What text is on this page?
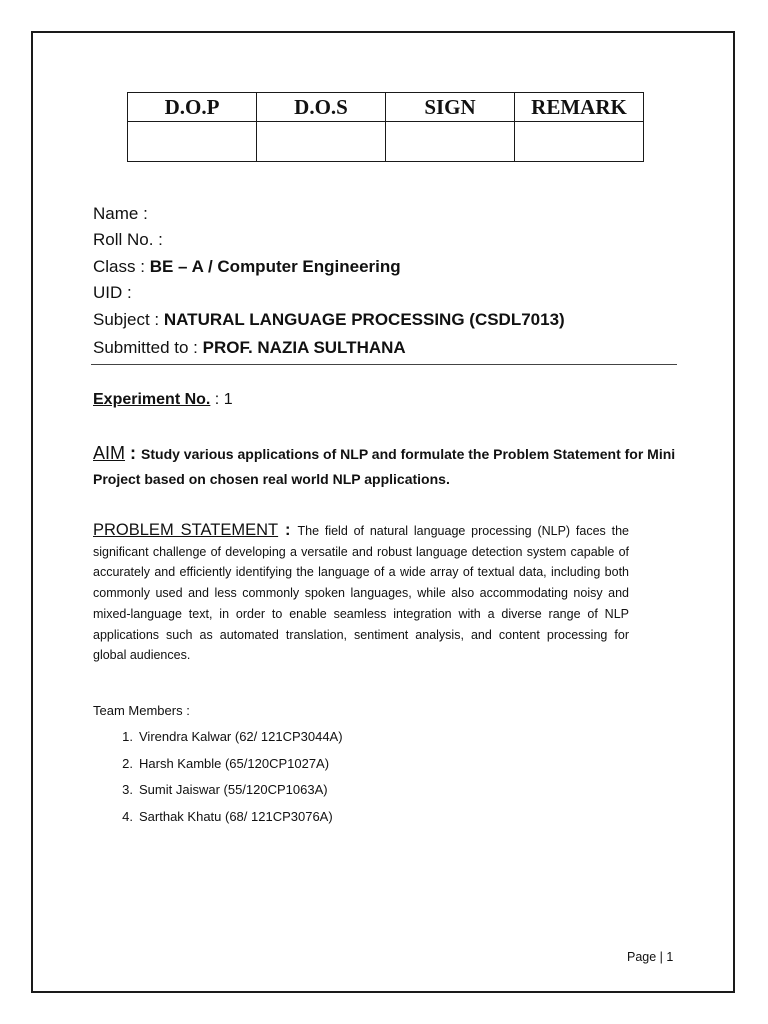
D.O.P	D.O.S	SIGN	REMARK

Name :
Roll No. :
Class : BE – A / Computer Engineering
UID :
Subject : NATURAL LANGUAGE PROCESSING (CSDL7013)
Submitted to : PROF. NAZIA SULTHANA
Experiment No. : 1
AIM : Study various applications of NLP and formulate the Problem Statement for Mini Project based on chosen real world NLP applications.
PROBLEM STATEMENT : The field of natural language processing (NLP) faces the significant challenge of developing a versatile and robust language detection system capable of accurately and efficiently identifying the language of a wide array of textual data, including both commonly used and less commonly spoken languages, while also accommodating noisy and mixed-language text, in order to enable seamless integration with a diverse range of NLP applications such as automated translation, sentiment analysis, and content processing for global audiences.
Team Members :
1. Virendra Kalwar (62/ 121CP3044A)
2. Harsh Kamble (65/120CP1027A)
3. Sumit Jaiswar (55/120CP1063A)
4. Sarthak Khatu (68/ 121CP3076A)
Page | 1
